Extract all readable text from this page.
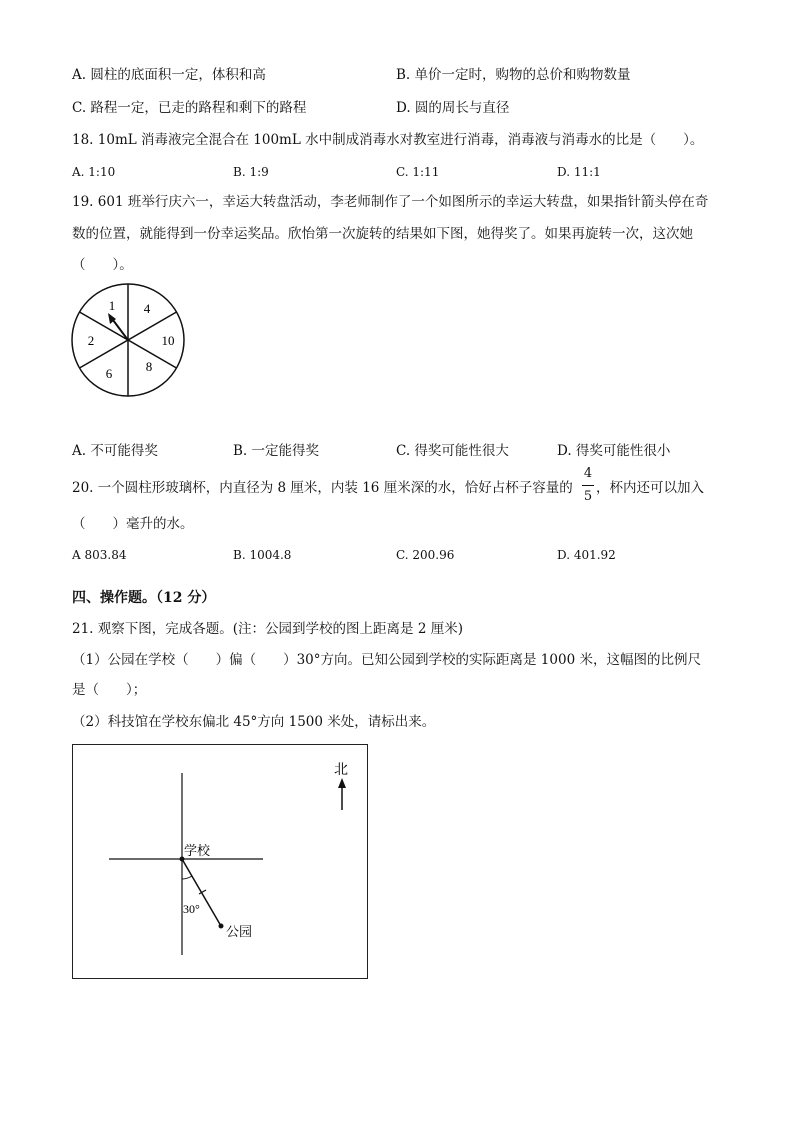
A. 圆柱的底面积一定，体积和高	B. 单价一定时，购物的总价和购物数量
C. 路程一定，已走的路程和剩下的路程	D. 圆的周长与直径
18. 10mL 消毒液完全混合在 100mL 水中制成消毒水对教室进行消毒，消毒液与消毒水的比是（　　）。
A. 1:10	B. 1:9	C. 1:11	D. 11:1
19. 601 班举行庆六一，幸运大转盘活动，李老师制作了一个如图所示的幸运大转盘，如果指针箭头停在奇
数的位置，就能得到一份幸运奖品。欣怡第一次旋转的结果如下图，她得奖了。如果再旋转一次，这次她
（　　）。
1 4
10
8
6
2
A. 不可能得奖	B. 一定能得奖	C. 得奖可能性很大	D. 得奖可能性很小
20. 一个圆柱形玻璃杯，内直径为 8 厘米，内装 16 厘米深的水，恰好占杯子容量的
4
5
，杯内还可以加入
（　　）毫升的水。
A 803.84	B. 1004.8	C. 200.96	D. 401.92
四、操作题。（12 分）
21. 观察下图，完成各题。(注：公园到学校的图上距离是 2 厘米)
（1）公园在学校（　　）偏（　　）30°方向。已知公园到学校的实际距离是 1000 米，这幅图的比例尺
是（　　）；
（2）科技馆在学校东偏北 45°方向 1500 米处，请标出来。
学校
公园
30°
北
